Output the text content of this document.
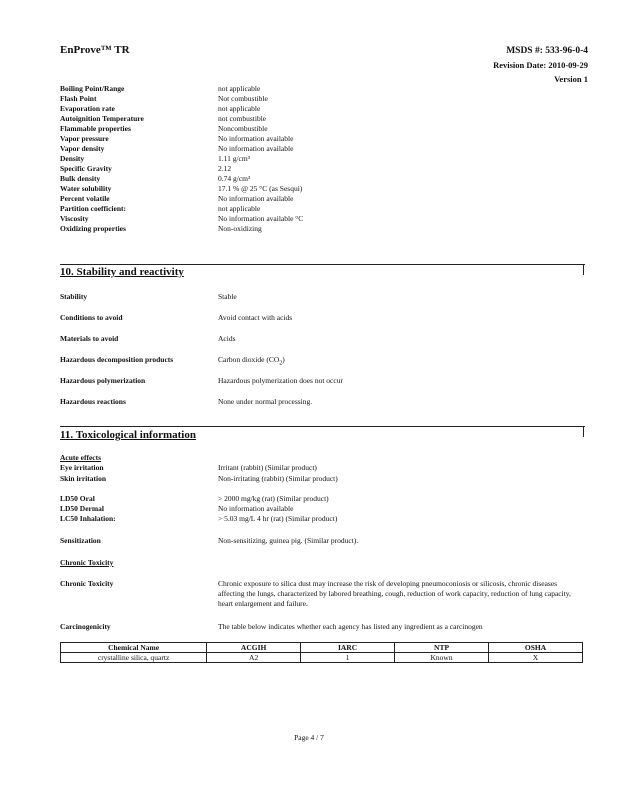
EnProve™ TR	MSDS #: 533-96-0-4
Revision Date: 2010-09-29
Version 1
Boiling Point/Range	not applicable
Flash Point	Not combustible
Evaporation rate	not applicable
Autoignition Temperature	not combustible
Flammable properties	Noncombustible
Vapor pressure	No information available
Vapor density	No information available
Density	1.11 g/cm³
Specific Gravity	2.12
Bulk density	0.74 g/cm³
Water solubility	17.1 % @ 25 °C (as Sesqui)
Percent volatile	No information available
Partition coefficient:	not applicable
Viscosity	No information available °C
Oxidizing properties	Non-oxidizing
10. Stability and reactivity
Stability	Stable
Conditions to avoid	Avoid contact with acids
Materials to avoid	Acids
Hazardous decomposition products	Carbon dioxide $(CO_2)$
Hazardous polymerization	Hazardous polymerization does not occur
Hazardous reactions	None under normal processing.
11. Toxicological information
Acute effects
Eye irritation	Irritant (rabbit) (Similar product)
Skin irritation	Non-irritating (rabbit) (Similar product)
LD50 Oral	> 2000 mg/kg (rat) (Similar product)
LD50 Dermal	No information available
LC50 Inhalation:	> 5.03 mg/L 4 hr (rat) (Similar product)
Sensitization	Non-sensitizing, guinea pig. (Similar product).
Chronic Toxicity
Chronic Toxicity	Chronic exposure to silica dust may increase the risk of developing pneumoconiosis or silicosis, chronic diseases affecting the lungs, characterized by labored breathing, cough, reduction of work capacity, reduction of lung capacity, heart enlargement and failure.
Carcinogenicity	The table below indicates whether each agency has listed any ingredient as a carcinogen
Chemical Name	ACGIH	IARC	NTP	OSHA
crystalline silica, quartz	A2	1	Known	X
Page 4 / 7
